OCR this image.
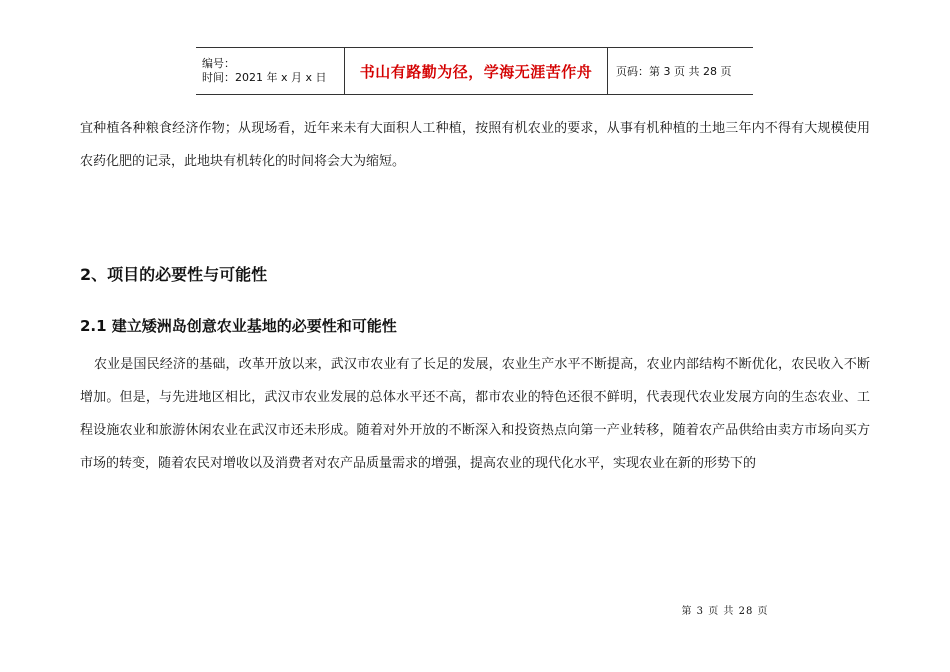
编号：
时间：2021 年 x 月 x 日	书山有路勤为径，学海无涯苦作舟	页码：第 3 页 共 28 页

宜种植各种粮食经济作物；从现场看，近年来未有大面积人工种植，按照有机农业的要求，从事有机种植的土地三年内不得有大规模使用农药化肥的记录，此地块有机转化的时间将会大为缩短。

2、项目的必要性与可能性
2.1 建立矮洲岛创意农业基地的必要性和可能性

农业是国民经济的基础，改革开放以来，武汉市农业有了长足的发展，农业生产水平不断提高，农业内部结构不断优化，农民收入不断增加。但是，与先进地区相比，武汉市农业发展的总体水平还不高，都市农业的特色还很不鲜明，代表现代农业发展方向的生态农业、工程设施农业和旅游休闲农业在武汉市还未形成。随着对外开放的不断深入和投资热点向第一产业转移，随着农产品供给由卖方市场向买方市场的转变，随着农民对增收以及消费者对农产品质量需求的增强，提高农业的现代化水平，实现农业在新的形势下的

第 3 页 共 28 页
